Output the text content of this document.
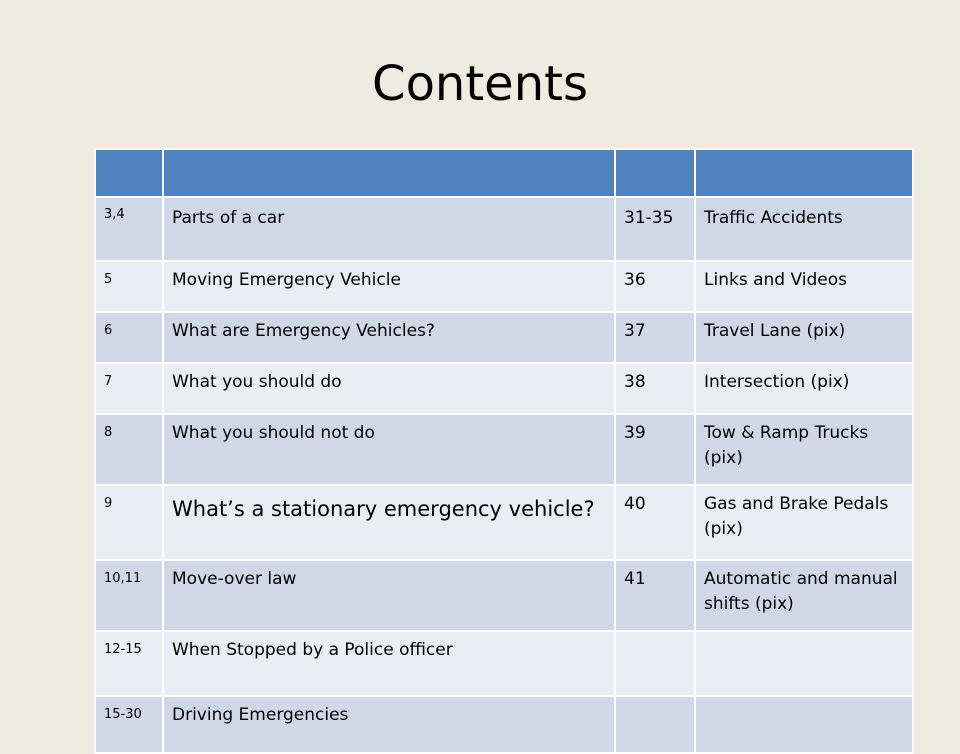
Contents

3,4	Parts of a car	31-35	Traffic Accidents
5	Moving Emergency Vehicle	36	Links and Videos
6	What are Emergency Vehicles?	37	Travel Lane (pix)
7	What you should do	38	Intersection (pix)
8	What you should not do	39	Tow & Ramp Trucks (pix)
9	What’s a stationary emergency vehicle?	40	Gas and Brake Pedals (pix)
10,11	Move-over law	41	Automatic and manual shifts (pix)
12-15	When Stopped by a Police officer		
15-30	Driving Emergencies		
